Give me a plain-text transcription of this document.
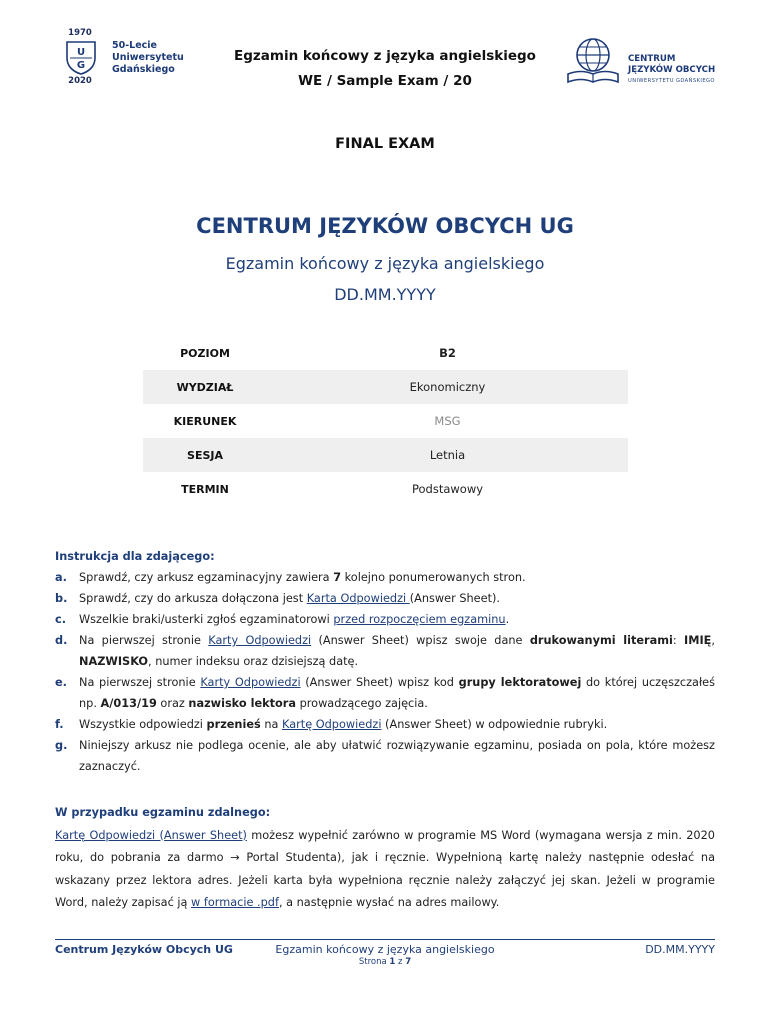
1970
U
G
2020
50-Lecie
Uniwersytetu
Gdańskiego
Egzamin końcowy z języka angielskiego
WE / Sample Exam / 20
CENTRUM
JĘZYKÓW OBCYCH
UNIWERSYTETU GDAŃSKIEGO
FINAL EXAM
CENTRUM JĘZYKÓW OBCYCH UG
Egzamin końcowy z języka angielskiego
DD.MM.YYYY
POZIOM	B2
WYDZIAŁ	Ekonomiczny
KIERUNEK	MSG
SESJA	Letnia
TERMIN	Podstawowy
Instrukcja dla zdającego:
a.	Sprawdź, czy arkusz egzaminacyjny zawiera 7 kolejno ponumerowanych stron.
b.	Sprawdź, czy do arkusza dołączona jest Karta Odpowiedzi (Answer Sheet).
c.	Wszelkie braki/usterki zgłoś egzaminatorowi przed rozpoczęciem egzaminu.
d.	Na pierwszej stronie Karty Odpowiedzi (Answer Sheet) wpisz swoje dane drukowanymi literami: IMIĘ, NAZWISKO, numer indeksu oraz dzisiejszą datę.
e.	Na pierwszej stronie Karty Odpowiedzi (Answer Sheet) wpisz kod grupy lektoratowej do której uczęszczałeś np. A/013/19 oraz nazwisko lektora prowadzącego zajęcia.
f.	Wszystkie odpowiedzi przenieś na Kartę Odpowiedzi (Answer Sheet) w odpowiednie rubryki.
g.	Niniejszy arkusz nie podlega ocenie, ale aby ułatwić rozwiązywanie egzaminu, posiada on pola, które możesz zaznaczyć.
W przypadku egzaminu zdalnego:
Kartę Odpowiedzi (Answer Sheet) możesz wypełnić zarówno w programie MS Word (wymagana wersja z min. 2020 roku, do pobrania za darmo → Portal Studenta), jak i ręcznie. Wypełnioną kartę należy następnie odesłać na wskazany przez lektora adres. Jeżeli karta była wypełniona ręcznie należy załączyć jej skan. Jeżeli w programie Word, należy zapisać ją w formacie .pdf, a następnie wysłać na adres mailowy.
Centrum Języków Obcych UG	Egzamin końcowy z języka angielskiego
Strona 1 z 7
DD.MM.YYYY
